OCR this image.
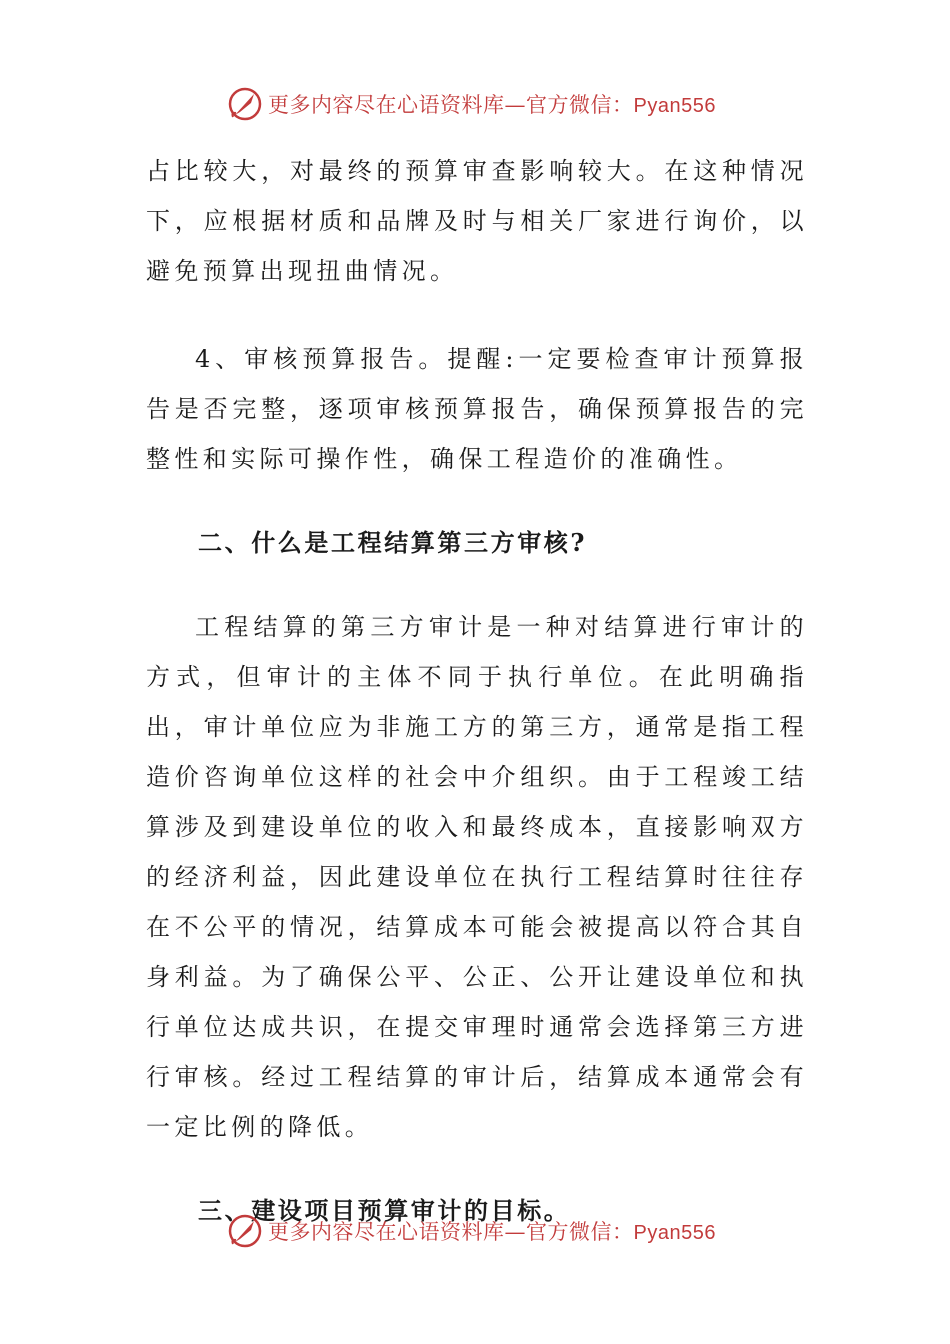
更多内容尽在心语资料库—官方微信：Pyan556

占比较大，对最终的预算审查影响较大。在这种情况下，应根据材质和品牌及时与相关厂家进行询价，以避免预算出现扭曲情况。

4、审核预算报告。提醒:一定要检查审计预算报告是否完整，逐项审核预算报告，确保预算报告的完整性和实际可操作性，确保工程造价的准确性。

二、什么是工程结算第三方审核?

工程结算的第三方审计是一种对结算进行审计的方式，但审计的主体不同于执行单位。在此明确指出，审计单位应为非施工方的第三方，通常是指工程造价咨询单位这样的社会中介组织。由于工程竣工结算涉及到建设单位的收入和最终成本，直接影响双方的经济利益，因此建设单位在执行工程结算时往往存在不公平的情况，结算成本可能会被提高以符合其自身利益。为了确保公平、公正、公开让建设单位和执行单位达成共识，在提交审理时通常会选择第三方进行审核。经过工程结算的审计后，结算成本通常会有一定比例的降低。

三、建设项目预算审计的目标。
更多内容尽在心语资料库—官方微信：Pyan556
